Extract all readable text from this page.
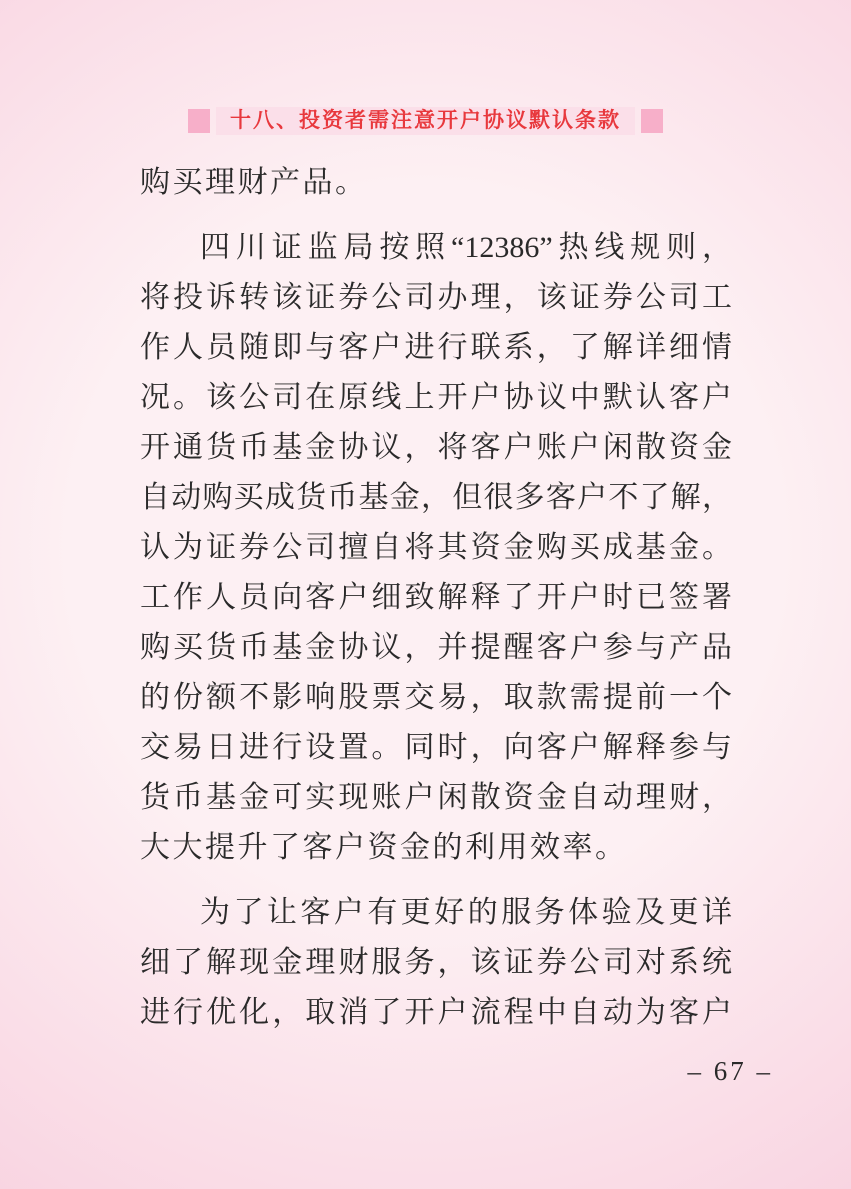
十八、投资者需注意开户协议默认条款

购买理财产品。

四川证监局按照“12386”热线规则，

将投诉转该证券公司办理，该证券公司工

作人员随即与客户进行联系，了解详细情

况。该公司在原线上开户协议中默认客户

开通货币基金协议，将客户账户闲散资金

自动购买成货币基金，但很多客户不了解，

认为证券公司擅自将其资金购买成基金。

工作人员向客户细致解释了开户时已签署

购买货币基金协议，并提醒客户参与产品

的份额不影响股票交易，取款需提前一个

交易日进行设置。同时，向客户解释参与

货币基金可实现账户闲散资金自动理财，

大大提升了客户资金的利用效率。

为了让客户有更好的服务体验及更详

细了解现金理财服务，该证券公司对系统

进行优化，取消了开户流程中自动为客户

– 67 –
